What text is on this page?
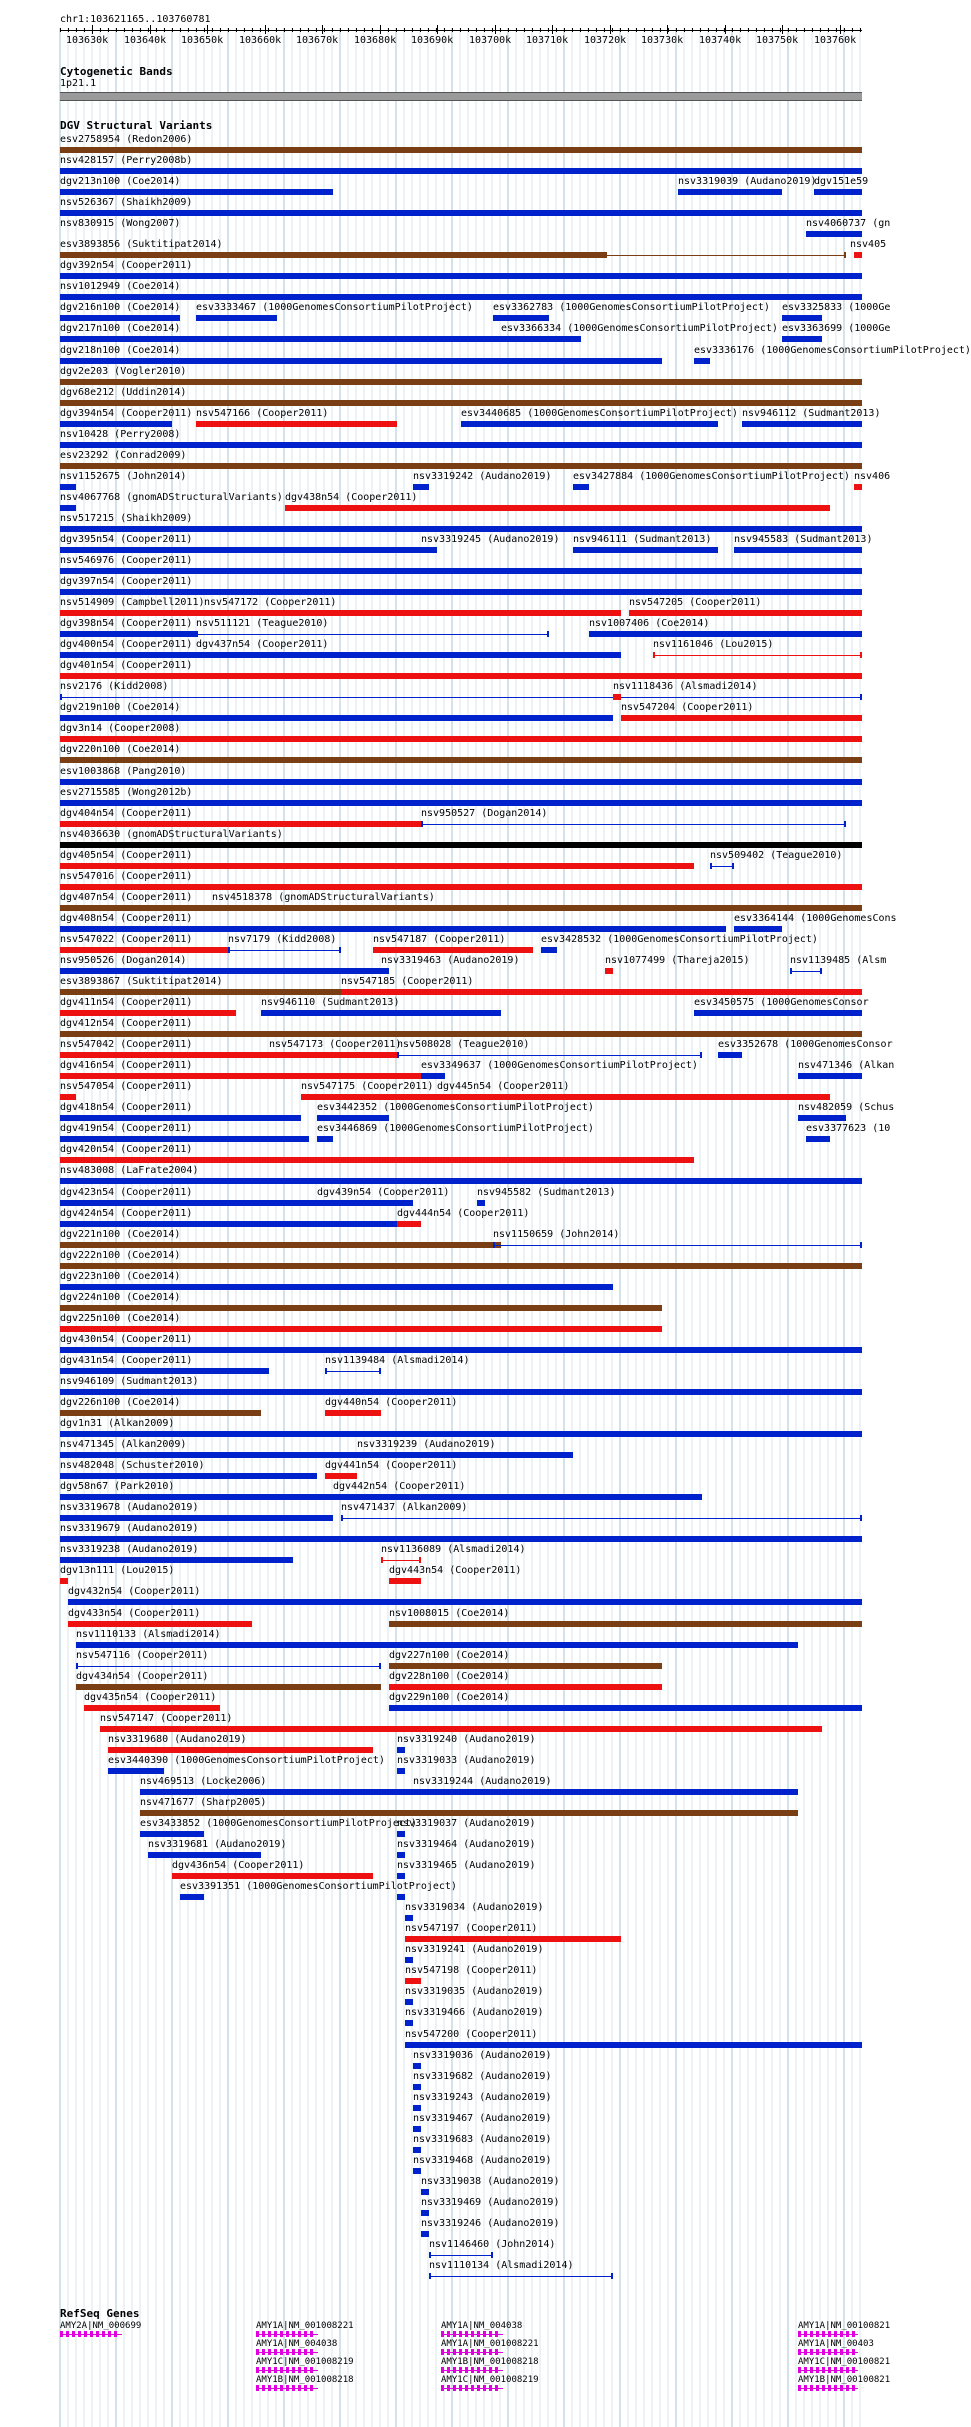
chr1:103621165..103760781
103630k 103640k 103650k 103660k 103670k 103680k 103690k 103700k 103710k 103720k 103730k 103740k 103750k 103760k
Cytogenetic Bands
1p21.1
DGV Structural Variants
esv2758954 (Redon2006)
nsv428157 (Perry2008b)
dgv213n100 (Coe2014)	nsv3319039 (Audano2019)
dgv151e59
nsv526367 (Shaikh2009)
nsv830915 (Wong2007)	nsv4060737 (gn
esv3893856 (Suktitipat2014)	nsv405
dgv392n54 (Cooper2011)
nsv1012949 (Coe2014)
dgv216n100 (Coe2014) esv3333467 (1000GenomesConsortiumPilotProject) esv3362783 (1000GenomesConsortiumPilotProject) esv3325833 (1000Ge
dgv217n100 (Coe2014)	esv3366334 (1000GenomesConsortiumPilotProject) esv3363699 (1000Ge
dgv218n100 (Coe2014)	esv3336176 (1000GenomesConsortiumPilotProject)
dgv2e203 (Vogler2010)
dgv68e212 (Uddin2014)
dgv394n54 (Cooper2011) nsv547166 (Cooper2011)	esv3440685 (1000GenomesConsortiumPilotProject) nsv946112 (Sudmant2013)
nsv10428 (Perry2008)
esv23292 (Conrad2009)
nsv1152675 (John2014)	nsv3319242 (Audano2019) esv3427884 (1000GenomesConsortiumPilotProject) nsv406
nsv4067768 (gnomADStructuralVariants) dgv438n54 (Cooper2011)
nsv517215 (Shaikh2009)
dgv395n54 (Cooper2011)	nsv3319245 (Audano2019) nsv946111 (Sudmant2013) nsv945583 (Sudmant2013)
nsv546976 (Cooper2011)
dgv397n54 (Cooper2011)
nsv514909 (Campbell2011) nsv547172 (Cooper2011)	nsv547205 (Cooper2011)
dgv398n54 (Cooper2011) nsv511121 (Teague2010)	nsv1007406 (Coe2014)
dgv400n54 (Cooper2011) dgv437n54 (Cooper2011)	nsv1161046 (Lou2015)
dgv401n54 (Cooper2011)
nsv2176 (Kidd2008)	nsv1118436 (Alsmadi2014)
dgv219n100 (Coe2014)	nsv547204 (Cooper2011)
dgv3n14 (Cooper2008)
dgv220n100 (Coe2014)
esv1003868 (Pang2010)
esv2715585 (Wong2012b)
dgv404n54 (Cooper2011)	nsv950527 (Dogan2014)
nsv4036630 (gnomADStructuralVariants)
dgv405n54 (Cooper2011)	nsv509402 (Teague2010)
nsv547016 (Cooper2011)
dgv407n54 (Cooper2011) nsv4518378 (gnomADStructuralVariants)
dgv408n54 (Cooper2011)	esv3364144 (1000GenomesCons
nsv547022 (Cooper2011)	nsv7179 (Kidd2008)	nsv547187 (Cooper2011)	esv3428532 (1000GenomesConsortiumPilotProject)
nsv950526 (Dogan2014)	nsv3319463 (Audano2019)	nsv1077499 (Thareja2015)	nsv1139485 (Alsm
esv3893867 (Suktitipat2014)	nsv547185 (Cooper2011)
dgv411n54 (Cooper2011)	nsv946110 (Sudmant2013)	esv3450575 (1000GenomesConsor
dgv412n54 (Cooper2011)
nsv547042 (Cooper2011)	nsv547173 (Cooper2011)
nsv508028 (Teague2010)	esv3352678 (1000GenomesConsor
dgv416n54 (Cooper2011)	esv3349637 (1000GenomesConsortiumPilotProject)	nsv471346 (Alkan
nsv547054 (Cooper2011)	nsv547175 (Cooper2011) dgv445n54 (Cooper2011)
dgv418n54 (Cooper2011)	esv3442352 (1000GenomesConsortiumPilotProject)	nsv482059 (Schus
dgv419n54 (Cooper2011)	esv3446869 (1000GenomesConsortiumPilotProject)	esv3377623 (10
dgv420n54 (Cooper2011)
nsv483008 (LaFrate2004)
dgv423n54 (Cooper2011)	dgv439n54 (Cooper2011)	nsv945582 (Sudmant2013)
dgv424n54 (Cooper2011)	dgv444n54 (Cooper2011)
dgv221n100 (Coe2014)	nsv1150659 (John2014)
dgv222n100 (Coe2014)
dgv223n100 (Coe2014)
dgv224n100 (Coe2014)
dgv225n100 (Coe2014)
dgv430n54 (Cooper2011)
dgv431n54 (Cooper2011)	nsv1139484 (Alsmadi2014)
nsv946109 (Sudmant2013)
dgv226n100 (Coe2014)	dgv440n54 (Cooper2011)
dgv1n31 (Alkan2009)
nsv471345 (Alkan2009)	nsv3319239 (Audano2019)
nsv482048 (Schuster2010)	dgv441n54 (Cooper2011)
dgv58n67 (Park2010)	dgv442n54 (Cooper2011)
nsv3319678 (Audano2019)	nsv471437 (Alkan2009)
nsv3319679 (Audano2019)
nsv3319238 (Audano2019)	nsv1136089 (Alsmadi2014)
dgv13n111 (Lou2015)	dgv443n54 (Cooper2011)
dgv432n54 (Cooper2011)
dgv433n54 (Cooper2011)	nsv1008015 (Coe2014)
nsv1110133 (Alsmadi2014)
nsv547116 (Cooper2011)	dgv227n100 (Coe2014)
dgv434n54 (Cooper2011)	dgv228n100 (Coe2014)
dgv435n54 (Cooper2011)	dgv229n100 (Coe2014)
nsv547147 (Cooper2011)
nsv3319680 (Audano2019)	nsv3319240 (Audano2019)
esv3440390 (1000GenomesConsortiumPilotProject) nsv3319033 (Audano2019)
nsv469513 (Locke2006)	nsv3319244 (Audano2019)
nsv471677 (Sharp2005)
esv3433852 (1000GenomesConsortiumPilotProject)
nsv3319037 (Audano2019)
nsv3319681 (Audano2019)	nsv3319464 (Audano2019)
dgv436n54 (Cooper2011)	nsv3319465 (Audano2019)
esv3391351 (1000GenomesConsortiumPilotProject)
nsv3319034 (Audano2019)
nsv547197 (Cooper2011)
nsv3319241 (Audano2019)
nsv547198 (Cooper2011)
nsv3319035 (Audano2019)
nsv3319466 (Audano2019)
nsv547200 (Cooper2011)
nsv3319036 (Audano2019)
nsv3319682 (Audano2019)
nsv3319243 (Audano2019)
nsv3319467 (Audano2019)
nsv3319683 (Audano2019)
nsv3319468 (Audano2019)
nsv3319038 (Audano2019)
nsv3319469 (Audano2019)
nsv3319246 (Audano2019)
nsv1146460 (John2014)
nsv1110134 (Alsmadi2014)
RefSeq Genes
AMY2A|NM_000699	AMY1A|NM_001008221	AMY1A|NM_004038	AMY1A|NM_00100821
AMY1A|NM_004038	AMY1A|NM_001008221	AMY1A|NM_00403
AMY1C|NM_001008219	AMY1B|NM_001008218	AMY1C|NM_00100821
AMY1B|NM_001008218	AMY1C|NM_001008219	AMY1B|NM_00100821
